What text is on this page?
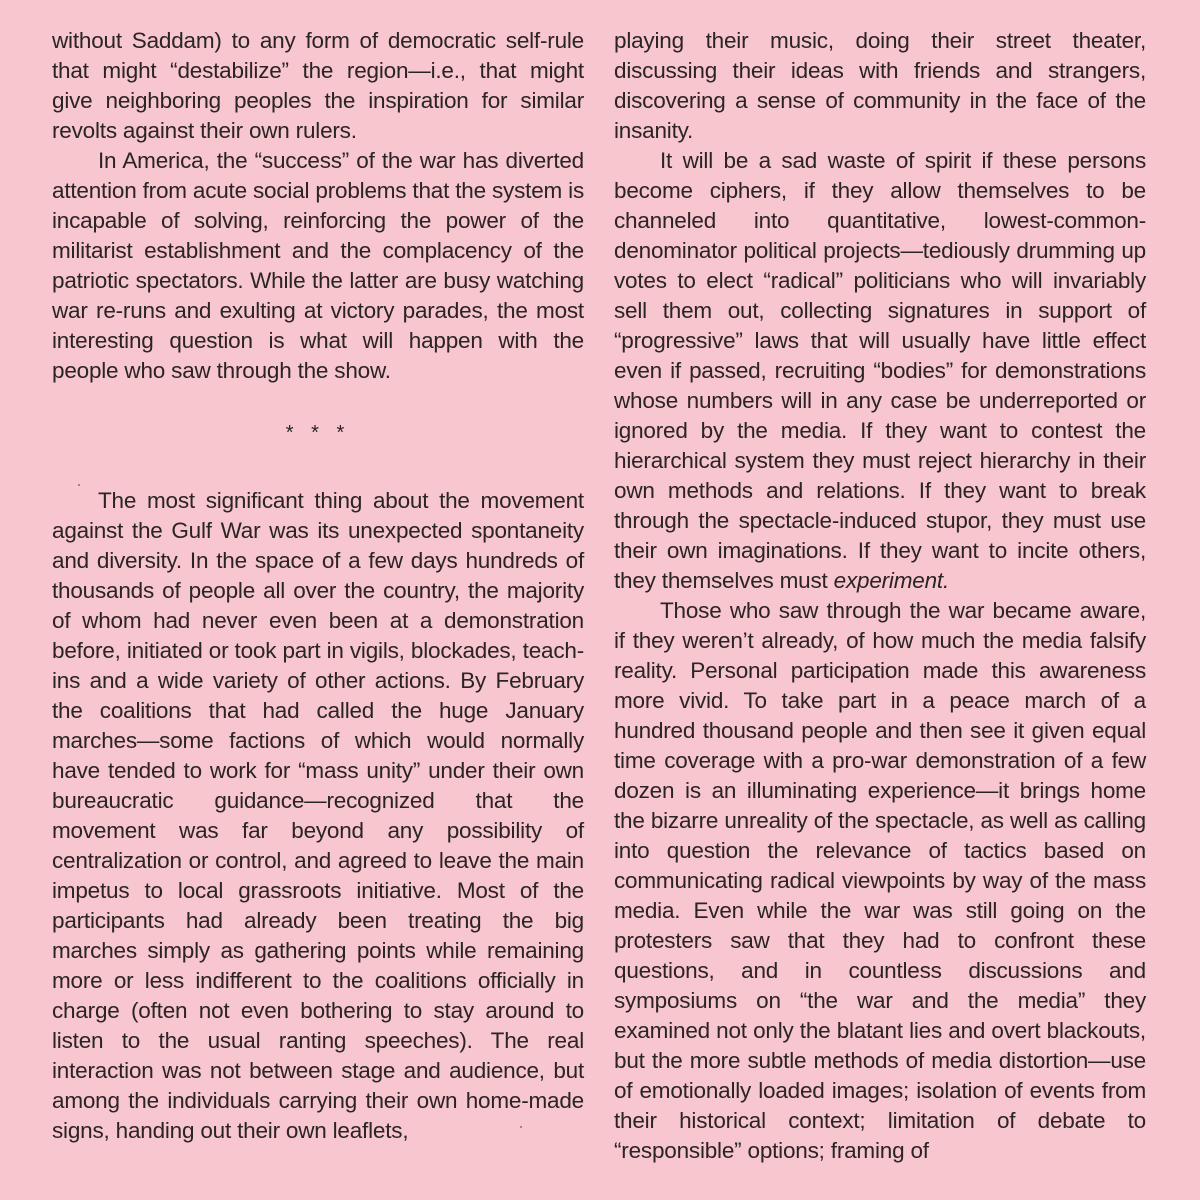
without Saddam) to any form of democratic self-rule that might “destabilize” the region—i.e., that might give neighboring peoples the inspiration for similar revolts against their own rulers.

In America, the “success” of the war has diverted attention from acute social problems that the system is incapable of solving, reinforcing the power of the militarist establishment and the complacency of the patriotic spectators. While the latter are busy watching war re-runs and exulting at victory parades, the most interesting question is what will happen with the people who saw through the show.

* * *

The most significant thing about the movement against the Gulf War was its unexpected spontaneity and diversity. In the space of a few days hundreds of thousands of people all over the country, the majority of whom had never even been at a demonstration before, initiated or took part in vigils, blockades, teach-ins and a wide variety of other actions. By February the coalitions that had called the huge January marches—some factions of which would normally have tended to work for “mass unity” under their own bureaucratic guidance—recognized that the movement was far beyond any possibility of centralization or control, and agreed to leave the main impetus to local grassroots initiative. Most of the participants had already been treating the big marches simply as gathering points while remaining more or less indifferent to the coalitions officially in charge (often not even bothering to stay around to listen to the usual ranting speeches). The real interaction was not between stage and audience, but among the individuals carrying their own home-made signs, handing out their own leaflets,

playing their music, doing their street theater, discussing their ideas with friends and strangers, discovering a sense of community in the face of the insanity.

It will be a sad waste of spirit if these persons become ciphers, if they allow themselves to be channeled into quantitative, lowest-common-denominator political projects—tediously drumming up votes to elect “radical” politicians who will invariably sell them out, collecting signatures in support of “progressive” laws that will usually have little effect even if passed, recruiting “bodies” for demonstrations whose numbers will in any case be underreported or ignored by the media. If they want to contest the hierarchical system they must reject hierarchy in their own methods and relations. If they want to break through the spectacle-induced stupor, they must use their own imaginations. If they want to incite others, they themselves must experiment.

Those who saw through the war became aware, if they weren’t already, of how much the media falsify reality. Personal participation made this awareness more vivid. To take part in a peace march of a hundred thousand people and then see it given equal time coverage with a pro-war demonstration of a few dozen is an illuminating experience—it brings home the bizarre unreality of the spectacle, as well as calling into question the relevance of tactics based on communicating radical viewpoints by way of the mass media. Even while the war was still going on the protesters saw that they had to confront these questions, and in countless discussions and symposiums on “the war and the media” they examined not only the blatant lies and overt blackouts, but the more subtle methods of media distortion—use of emotionally loaded images; isolation of events from their historical context; limitation of debate to “responsible” options; framing of
